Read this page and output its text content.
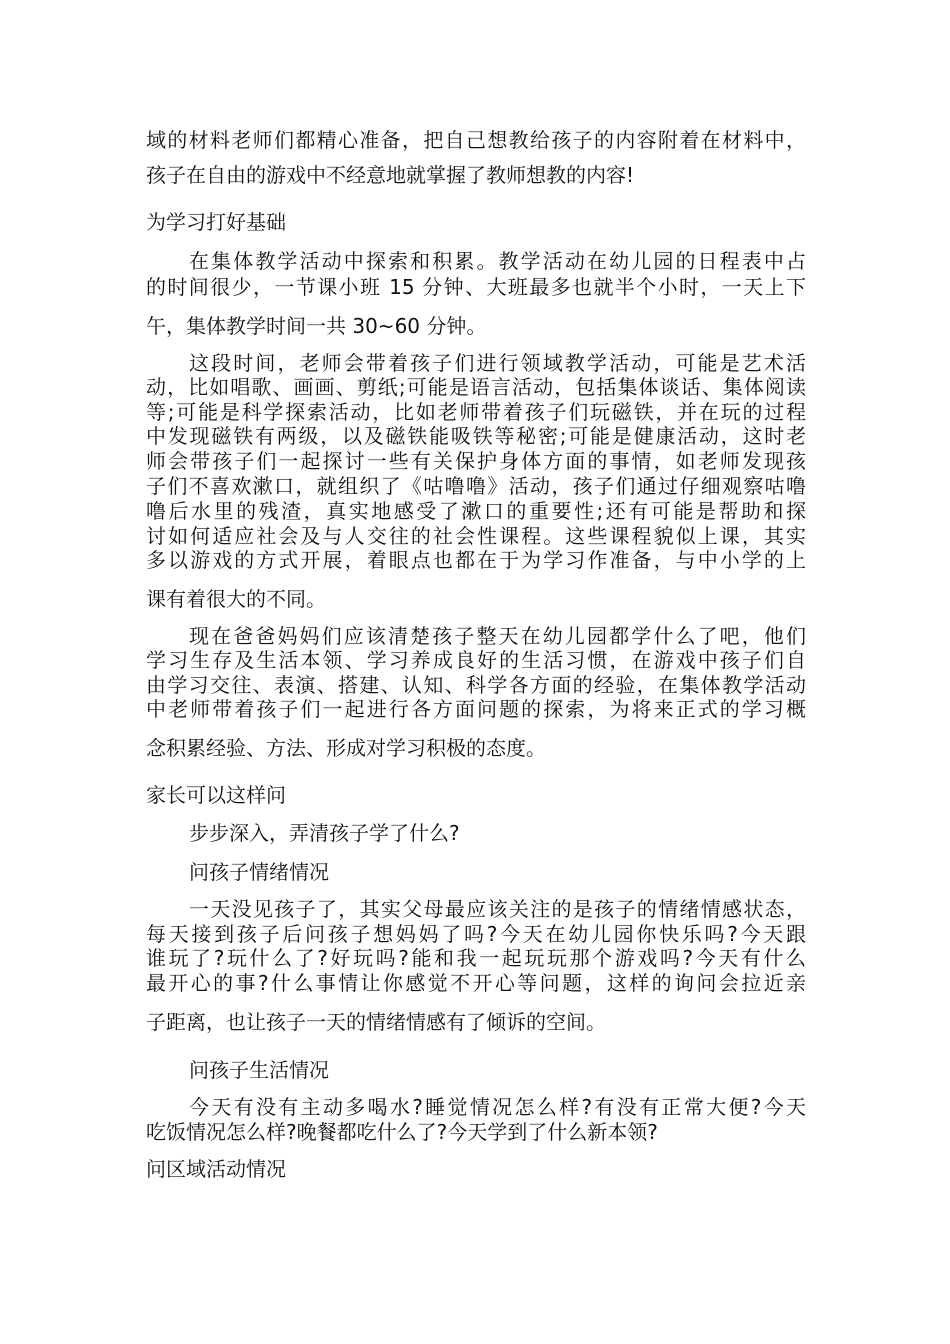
域的材料老师们都精心准备，把自己想教给孩子的内容附着在材料中，

孩子在自由的游戏中不经意地就掌握了教师想教的内容!

为学习打好基础

在集体教学活动中探索和积累。教学活动在幼儿园的日程表中占

的时间很少，一节课小班 15 分钟、大班最多也就半个小时，一天上下

午，集体教学时间一共 30~60 分钟。

这段时间，老师会带着孩子们进行领域教学活动，可能是艺术活

动，比如唱歌、画画、剪纸;可能是语言活动，包括集体谈话、集体阅读

等;可能是科学探索活动，比如老师带着孩子们玩磁铁，并在玩的过程

中发现磁铁有两级，以及磁铁能吸铁等秘密;可能是健康活动，这时老

师会带孩子们一起探讨一些有关保护身体方面的事情，如老师发现孩

子们不喜欢漱口，就组织了《咕噜噜》活动，孩子们通过仔细观察咕噜

噜后水里的残渣，真实地感受了漱口的重要性;还有可能是帮助和探

讨如何适应社会及与人交往的社会性课程。这些课程貌似上课，其实

多以游戏的方式开展，着眼点也都在于为学习作准备，与中小学的上

课有着很大的不同。

现在爸爸妈妈们应该清楚孩子整天在幼儿园都学什么了吧，他们

学习生存及生活本领、学习养成良好的生活习惯，在游戏中孩子们自

由学习交往、表演、搭建、认知、科学各方面的经验，在集体教学活动

中老师带着孩子们一起进行各方面问题的探索，为将来正式的学习概

念积累经验、方法、形成对学习积极的态度。

家长可以这样问

步步深入，弄清孩子学了什么?

问孩子情绪情况

一天没见孩子了，其实父母最应该关注的是孩子的情绪情感状态，

每天接到孩子后问孩子想妈妈了吗?今天在幼儿园你快乐吗?今天跟

谁玩了?玩什么了?好玩吗?能和我一起玩玩那个游戏吗?今天有什么

最开心的事?什么事情让你感觉不开心等问题，这样的询问会拉近亲

子距离，也让孩子一天的情绪情感有了倾诉的空间。

问孩子生活情况

今天有没有主动多喝水?睡觉情况怎么样?有没有正常大便?今天

吃饭情况怎么样?晚餐都吃什么了?今天学到了什么新本领?

问区域活动情况
